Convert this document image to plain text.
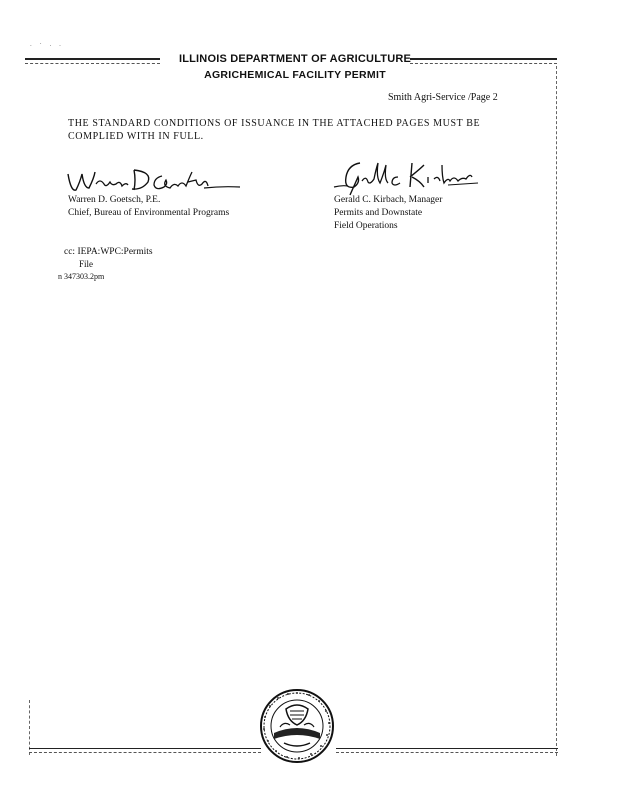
. · . .
ILLINOIS DEPARTMENT OF AGRICULTURE
AGRICHEMICAL FACILITY PERMIT
Smith Agri-Service /Page 2
THE STANDARD CONDITIONS OF ISSUANCE IN THE ATTACHED PAGES MUST BE COMPLIED WITH IN FULL.
Warren D. Goetsch, P.E.
Chief, Bureau of Environmental Programs
Gerald C. Kirbach, Manager
Permits and Downstate
Field Operations
cc: IEPA:WPC:Permits
File
n 347303.2pm
